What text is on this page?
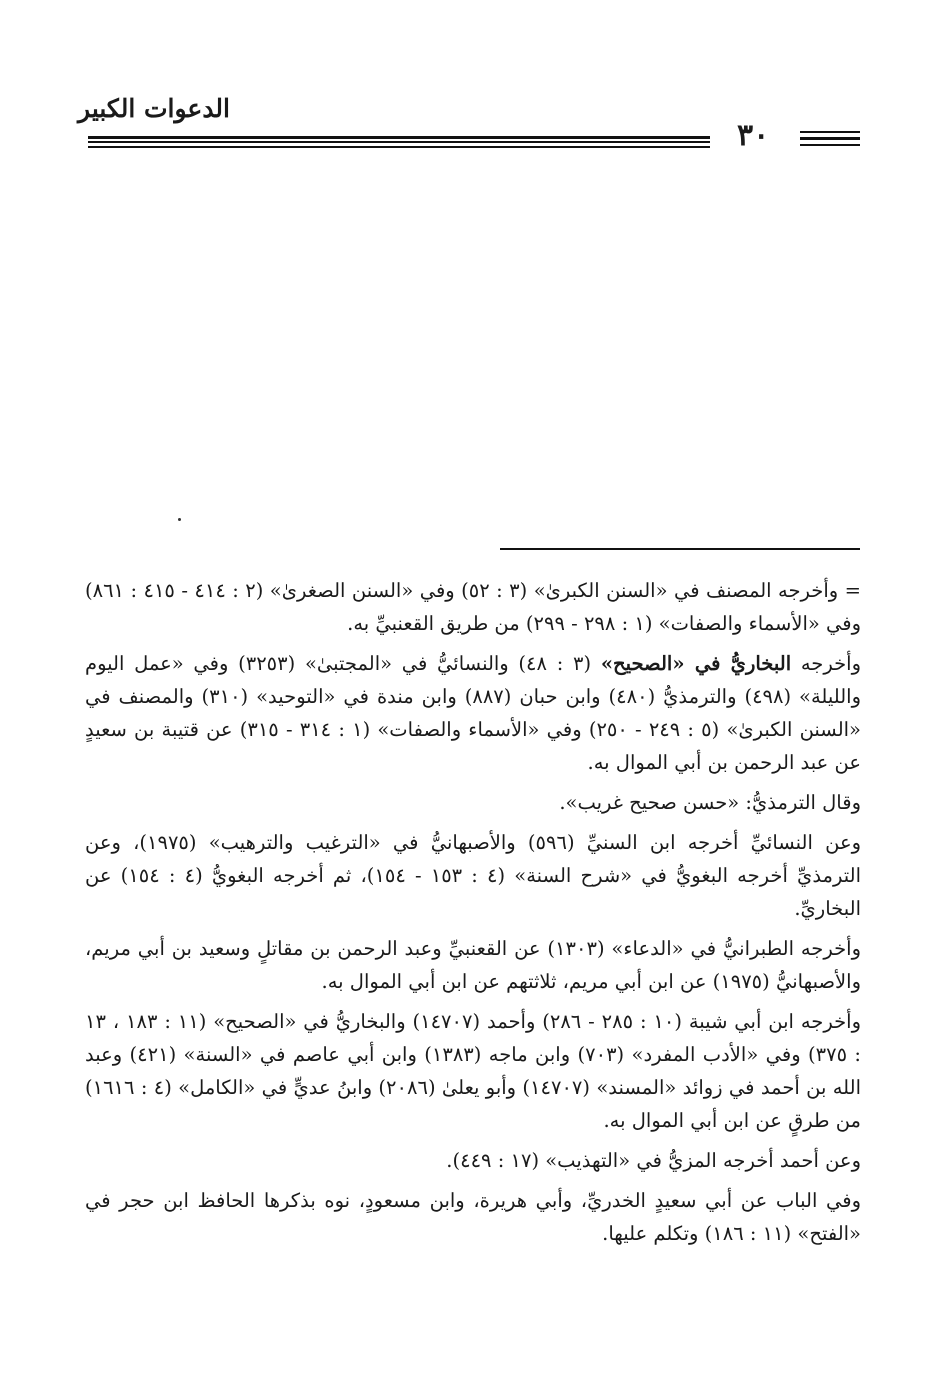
الدعوات الكبير
٣٠

= وأخرجه المصنف في «السنن الكبرىٰ» (٣ : ٥٢) وفي «السنن الصغرىٰ» (٢ : ٤١٤ - ٤١٥ : ٨٦١) وفي «الأسماء والصفات» (١ : ٢٩٨ - ٢٩٩) من طريق القعنبيِّ به.

وأخرجه البخاريُّ في «الصحيح» (٣ : ٤٨) والنسائيُّ في «المجتبىٰ» (٣٢٥٣) وفي «عمل اليوم والليلة» (٤٩٨) والترمذيُّ (٤٨٠) وابن حبان (٨٨٧) وابن مندة في «التوحيد» (٣١٠) والمصنف في «السنن الكبرىٰ» (٥ : ٢٤٩ - ٢٥٠) وفي «الأسماء والصفات» (١ : ٣١٤ - ٣١٥) عن قتيبة بن سعيدٍ عن عبد الرحمن بن أبي الموال به.

وقال الترمذيُّ: «حسن صحيح غريب».

وعن النسائيِّ أخرجه ابن السنيِّ (٥٩٦) والأصبهانيُّ في «الترغيب والترهيب» (١٩٧٥)، وعن الترمذيِّ أخرجه البغويُّ في «شرح السنة» (٤ : ١٥٣ - ١٥٤)، ثم أخرجه البغويُّ (٤ : ١٥٤) عن البخاريِّ.

وأخرجه الطبرانيُّ في «الدعاء» (١٣٠٣) عن القعنبيِّ وعبد الرحمن بن مقاتلٍ وسعيد بن أبي مريم، والأصبهانيُّ (١٩٧٥) عن ابن أبي مريم، ثلاثتهم عن ابن أبي الموال به.

وأخرجه ابن أبي شيبة (١٠ : ٢٨٥ - ٢٨٦) وأحمد (١٤٧٠٧) والبخاريُّ في «الصحيح» (١١ : ١٨٣ ، ١٣ : ٣٧٥) وفي «الأدب المفرد» (٧٠٣) وابن ماجه (١٣٨٣) وابن أبي عاصم في «السنة» (٤٢١) وعبد الله بن أحمد في زوائد «المسند» (١٤٧٠٧) وأبو يعلىٰ (٢٠٨٦) وابنُ عديٍّ في «الكامل» (٤ : ١٦١٦) من طرقٍ عن ابن أبي الموال به.

وعن أحمد أخرجه المزيُّ في «التهذيب» (١٧ : ٤٤٩).

وفي الباب عن أبي سعيدٍ الخدريِّ، وأبي هريرة، وابن مسعودٍ، نوه بذكرها الحافظ ابن حجر في «الفتح» (١١ : ١٨٦) وتكلم عليها.
